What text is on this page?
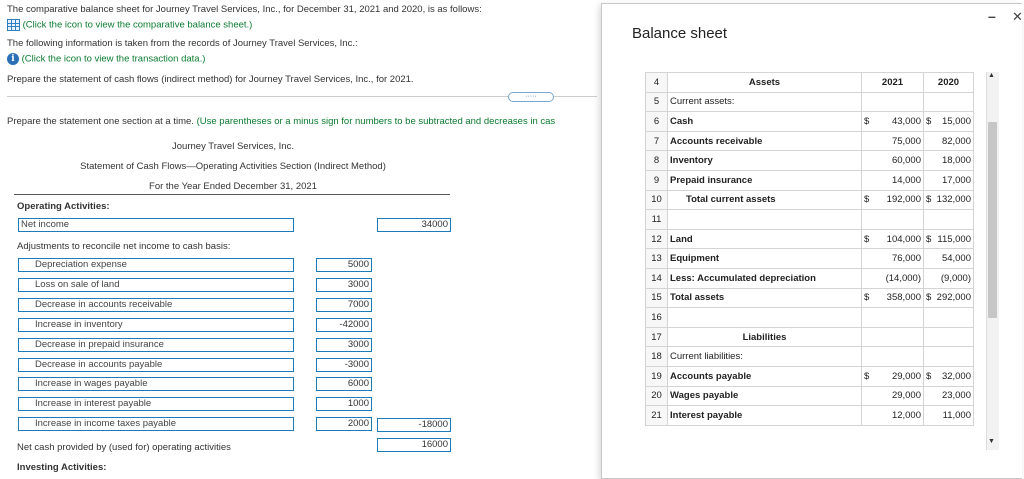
The comparative balance sheet for Journey Travel Services, Inc., for December 31, 2021 and 2020, is as follows:
(Click the icon to view the comparative balance sheet.)
The following information is taken from the records of Journey Travel Services, Inc.:
i (Click the icon to view the transaction data.)
Prepare the statement of cash flows (indirect method) for Journey Travel Services, Inc., for 2021.
·····
Prepare the statement one section at a time. (Use parentheses or a minus sign for numbers to be subtracted and decreases in cas
Journey Travel Services, Inc.
Statement of Cash Flows—Operating Activities Section (Indirect Method)
For the Year Ended December 31, 2021
Operating Activities:
Net income	34000
Adjustments to reconcile net income to cash basis:
Depreciation expense	5000
Loss on sale of land	3000
Decrease in accounts receivable	7000
Increase in inventory	-42000
Decrease in prepaid insurance	3000
Decrease in accounts payable	-3000
Increase in wages payable	6000
Increase in interest payable	1000
Increase in income taxes payable	2000	-18000
Net cash provided by (used for) operating activities	16000
Investing Activities:
Balance sheet
– ✕
4	Assets	2021	2020
5	Current assets:		
6	Cash	$ 43,000	$ 15,000

7	Accounts receivable	75,000	82,000

8	Inventory	60,000	18,000

9	Prepaid insurance	14,000	17,000

10	Total current assets	$ 192,000	$ 132,000

11			
12	Land	$ 104,000	$ 115,000

13	Equipment	76,000	54,000

14	Less: Accumulated depreciation	(14,000)	(9,000)

15	Total assets	$ 358,000	$ 292,000

16			
17	Liabilities		
18	Current liabilities:		
19	Accounts payable	$ 29,000	$ 32,000

20	Wages payable	29,000	23,000

21	Interest payable	12,000	11,000
▲
▼
